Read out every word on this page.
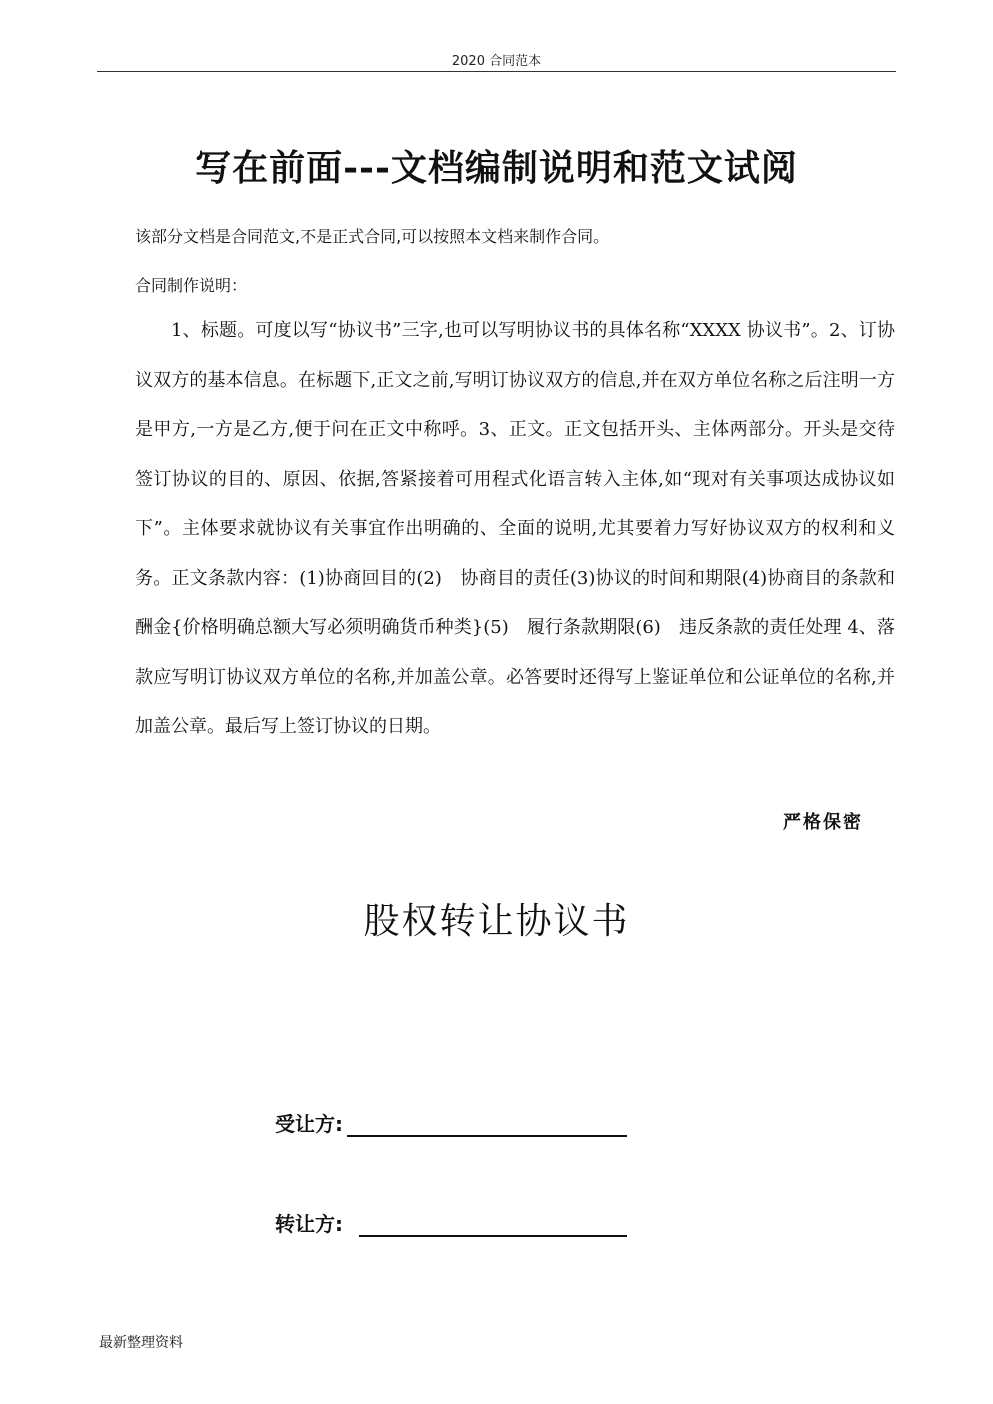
2020 合同范本
写在前面---文档编制说明和范文试阅
该部分文档是合同范文,不是正式合同,可以按照本文档来制作合同。
合同制作说明：
1、标题。可度以写“协议书”三字,也可以写明协议书的具体名称“XXXX 协议书”。2、订协议双方的基本信息。在标题下,正文之前,写明订协议双方的信息,并在双方单位名称之后注明一方是甲方,一方是乙方,便于问在正文中称呼。3、正文。正文包括开头、主体两部分。开头是交待签订协议的目的、原因、依据,答紧接着可用程式化语言转入主体,如“现对有关事项达成协议如下”。主体要求就协议有关事宜作出明确的、全面的说明,尤其要着力写好协议双方的权利和义务。正文条款内容：(1)协商回目的(2)　协商目的责任(3)协议的时间和期限(4)协商目的条款和酬金{价格明确总额大写必须明确货币种类}(5)　履行条款期限(6)　违反条款的责任处理 4、落款应写明订协议双方单位的名称,并加盖公章。必答要时还得写上鉴证单位和公证单位的名称,并加盖公章。最后写上签订协议的日期。
严格保密
股权转让协议书
受让方:
转让方:
最新整理资料
